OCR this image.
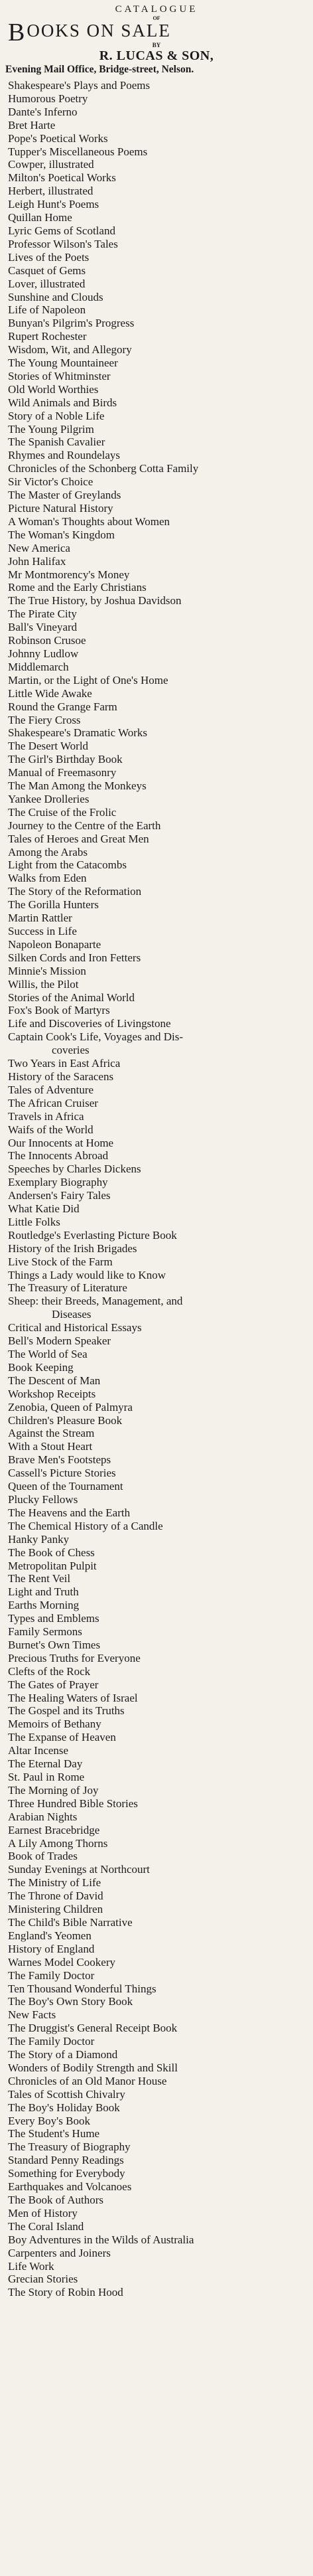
CATALOGUE
OF
BOOKS ON SALE
BY
R. LUCAS & SON,
Evening Mail Office, Bridge-street, Nelson.
Shakespeare's Plays and Poems
Humorous Poetry
Dante's Inferno
Bret Harte
Pope's Poetical Works
Tupper's Miscellaneous Poems
Cowper, illustrated
Milton's Poetical Works
Herbert, illustrated
Leigh Hunt's Poems
Quillan Home
Lyric Gems of Scotland
Professor Wilson's Tales
Lives of the Poets
Casquet of Gems
Lover, illustrated
Sunshine and Clouds
Life of Napoleon
Bunyan's Pilgrim's Progress
Rupert Rochester
Wisdom, Wit, and Allegory
The Young Mountaineer
Stories of Whitminster
Old World Worthies
Wild Animals and Birds
Story of a Noble Life
The Young Pilgrim
The Spanish Cavalier
Rhymes and Roundelays
Chronicles of the Schonberg Cotta Family
Sir Victor's Choice
The Master of Greylands
Picture Natural History
A Woman's Thoughts about Women
The Woman's Kingdom
New America
John Halifax
Mr Montmorency's Money
Rome and the Early Christians
The True History, by Joshua Davidson
The Pirate City
Ball's Vineyard
Robinson Crusoe
Johnny Ludlow
Middlemarch
Martin, or the Light of One's Home
Little Wide Awake
Round the Grange Farm
The Fiery Cross
Shakespeare's Dramatic Works
The Desert World
The Girl's Birthday Book
Manual of Freemasonry
The Man Among the Monkeys
Yankee Drolleries
The Cruise of the Frolic
Journey to the Centre of the Earth
Tales of Heroes and Great Men
Among the Arabs
Light from the Catacombs
Walks from Eden
The Story of the Reformation
The Gorilla Hunters
Martin Rattler
Success in Life
Napoleon Bonaparte
Silken Cords and Iron Fetters
Minnie's Mission
Willis, the Pilot
Stories of the Animal World
Fox's Book of Martyrs
Life and Discoveries of Livingstone
Captain Cook's Life, Voyages and Dis-
coveries
Two Years in East Africa
History of the Saracens
Tales of Adventure
The African Cruiser
Travels in Africa
Waifs of the World
Our Innocents at Home
The Innocents Abroad
Speeches by Charles Dickens
Exemplary Biography
Andersen's Fairy Tales
What Katie Did
Little Folks
Routledge's Everlasting Picture Book
History of the Irish Brigades
Live Stock of the Farm
Things a Lady would like to Know
The Treasury of Literature
Sheep: their Breeds, Management, and
Diseases
Critical and Historical Essays
Bell's Modern Speaker
The World of Sea
Book Keeping
The Descent of Man
Workshop Receipts
Zenobia, Queen of Palmyra
Children's Pleasure Book
Against the Stream
With a Stout Heart
Brave Men's Footsteps
Cassell's Picture Stories
Queen of the Tournament
Plucky Fellows
The Heavens and the Earth
The Chemical History of a Candle
Hanky Panky
The Book of Chess
Metropolitan Pulpit
The Rent Veil
Light and Truth
Earths Morning
Types and Emblems
Family Sermons
Burnet's Own Times
Precious Truths for Everyone
Clefts of the Rock
The Gates of Prayer
The Healing Waters of Israel
The Gospel and its Truths
Memoirs of Bethany
The Expanse of Heaven
Altar Incense
The Eternal Day
St. Paul in Rome
The Morning of Joy
Three Hundred Bible Stories
Arabian Nights
Earnest Bracebridge
A Lily Among Thorns
Book of Trades
Sunday Evenings at Northcourt
The Ministry of Life
The Throne of David
Ministering Children
The Child's Bible Narrative
England's Yeomen
History of England
Warnes Model Cookery
The Family Doctor
Ten Thousand Wonderful Things
The Boy's Own Story Book
New Facts
The Druggist's General Receipt Book
The Family Doctor
The Story of a Diamond
Wonders of Bodily Strength and Skill
Chronicles of an Old Manor House
Tales of Scottish Chivalry
The Boy's Holiday Book
Every Boy's Book
The Student's Hume
The Treasury of Biography
Standard Penny Readings
Something for Everybody
Earthquakes and Volcanoes
The Book of Authors
Men of History
The Coral Island
Boy Adventures in the Wilds of Australia
Carpenters and Joiners
Life Work
Grecian Stories
The Story of Robin Hood
